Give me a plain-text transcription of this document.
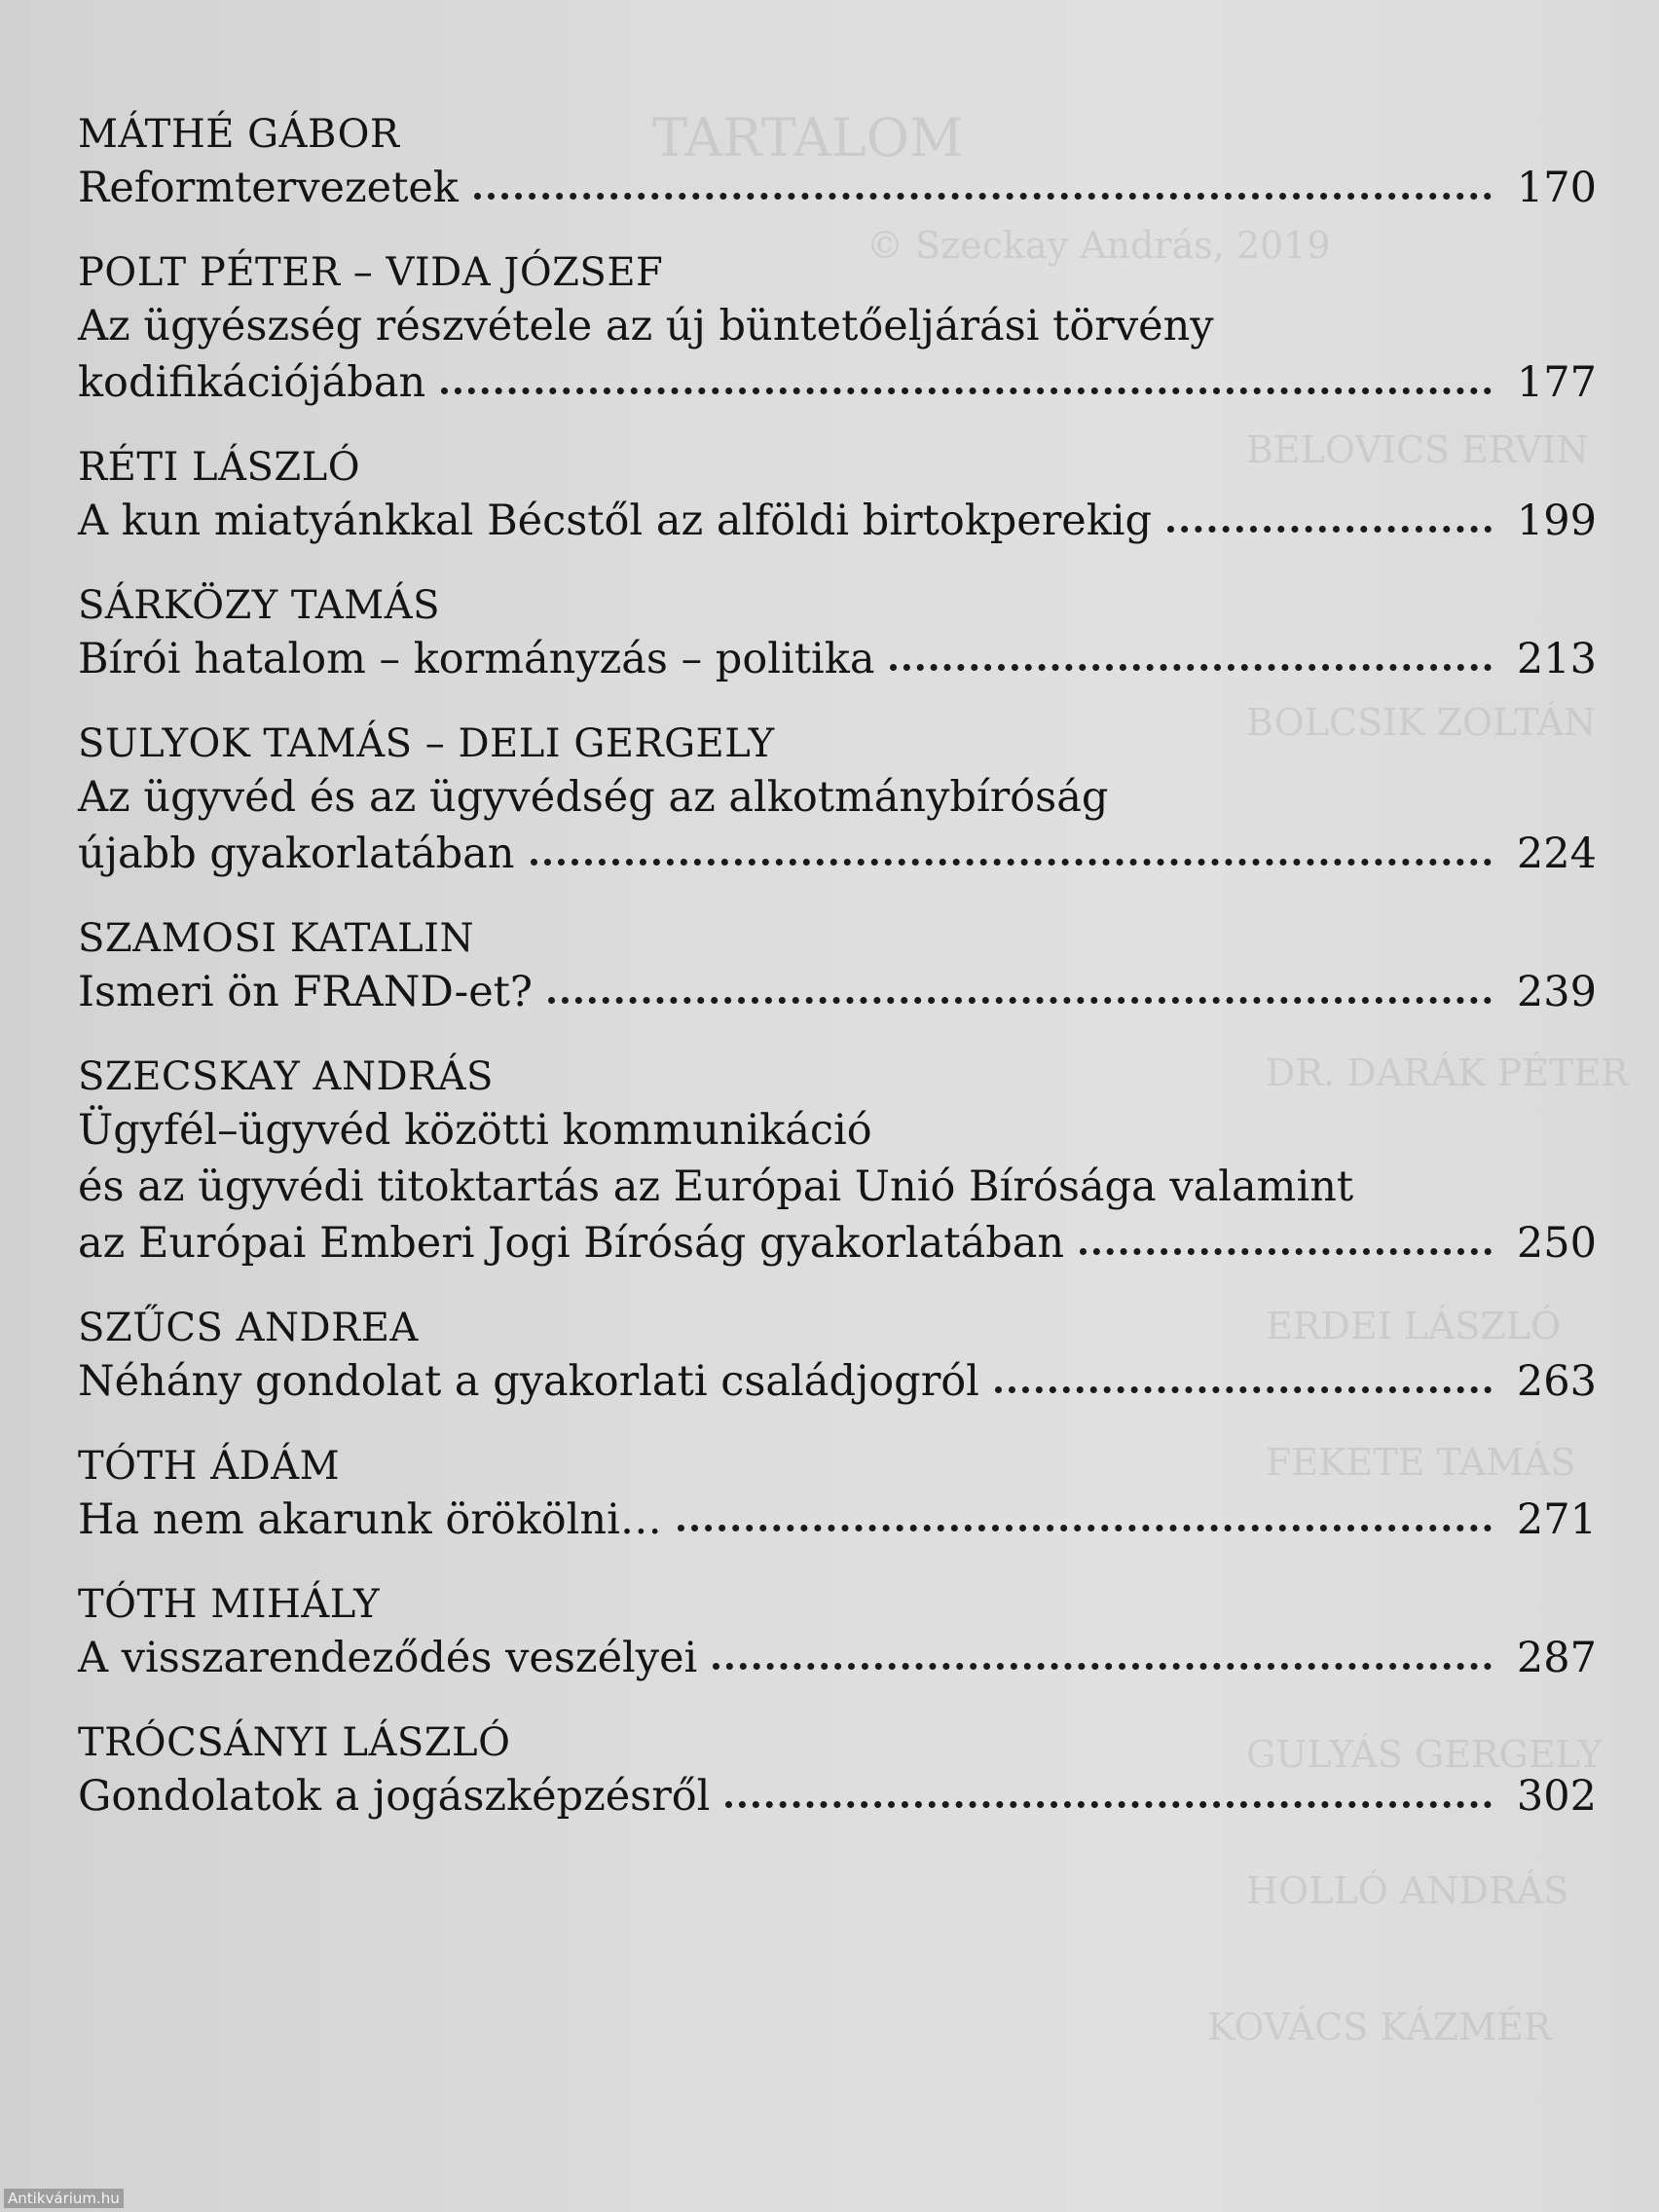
TARTALOM
© Szeckay András, 2019
BELOVICS ERVIN
BOLCSIK ZOLTÁN
DR. DARÁK PÉTER
ERDEI LÁSZLÓ
FEKETE TAMÁS
GULYÁS GERGELY
HOLLÓ ANDRÁS
KOVÁCS KÁZMÉR
MÁTHÉ GÁBOR
Reformtervezetek	170
POLT PÉTER – VIDA JÓZSEF
Az ügyészség részvétele az új büntetőeljárási törvény
kodifikációjában	177
RÉTI LÁSZLÓ
A kun miatyánkkal Bécstől az alföldi birtokperekig	199
SÁRKÖZY TAMÁS
Bírói hatalom – kormányzás – politika	213
SULYOK TAMÁS – DELI GERGELY
Az ügyvéd és az ügyvédség az alkotmánybíróság
újabb gyakorlatában	224
SZAMOSI KATALIN
Ismeri ön FRAND-et?	239
SZECSKAY ANDRÁS
Ügyfél–ügyvéd közötti kommunikáció
és az ügyvédi titoktartás az Európai Unió Bírósága valamint
az Európai Emberi Jogi Bíróság gyakorlatában	250
SZŰCS ANDREA
Néhány gondolat a gyakorlati családjogról	263
TÓTH ÁDÁM
Ha nem akarunk örökölni…	271
TÓTH MIHÁLY
A visszarendeződés veszélyei	287
TRÓCSÁNYI LÁSZLÓ
Gondolatok a jogászképzésről	302
Antikvárium.hu
